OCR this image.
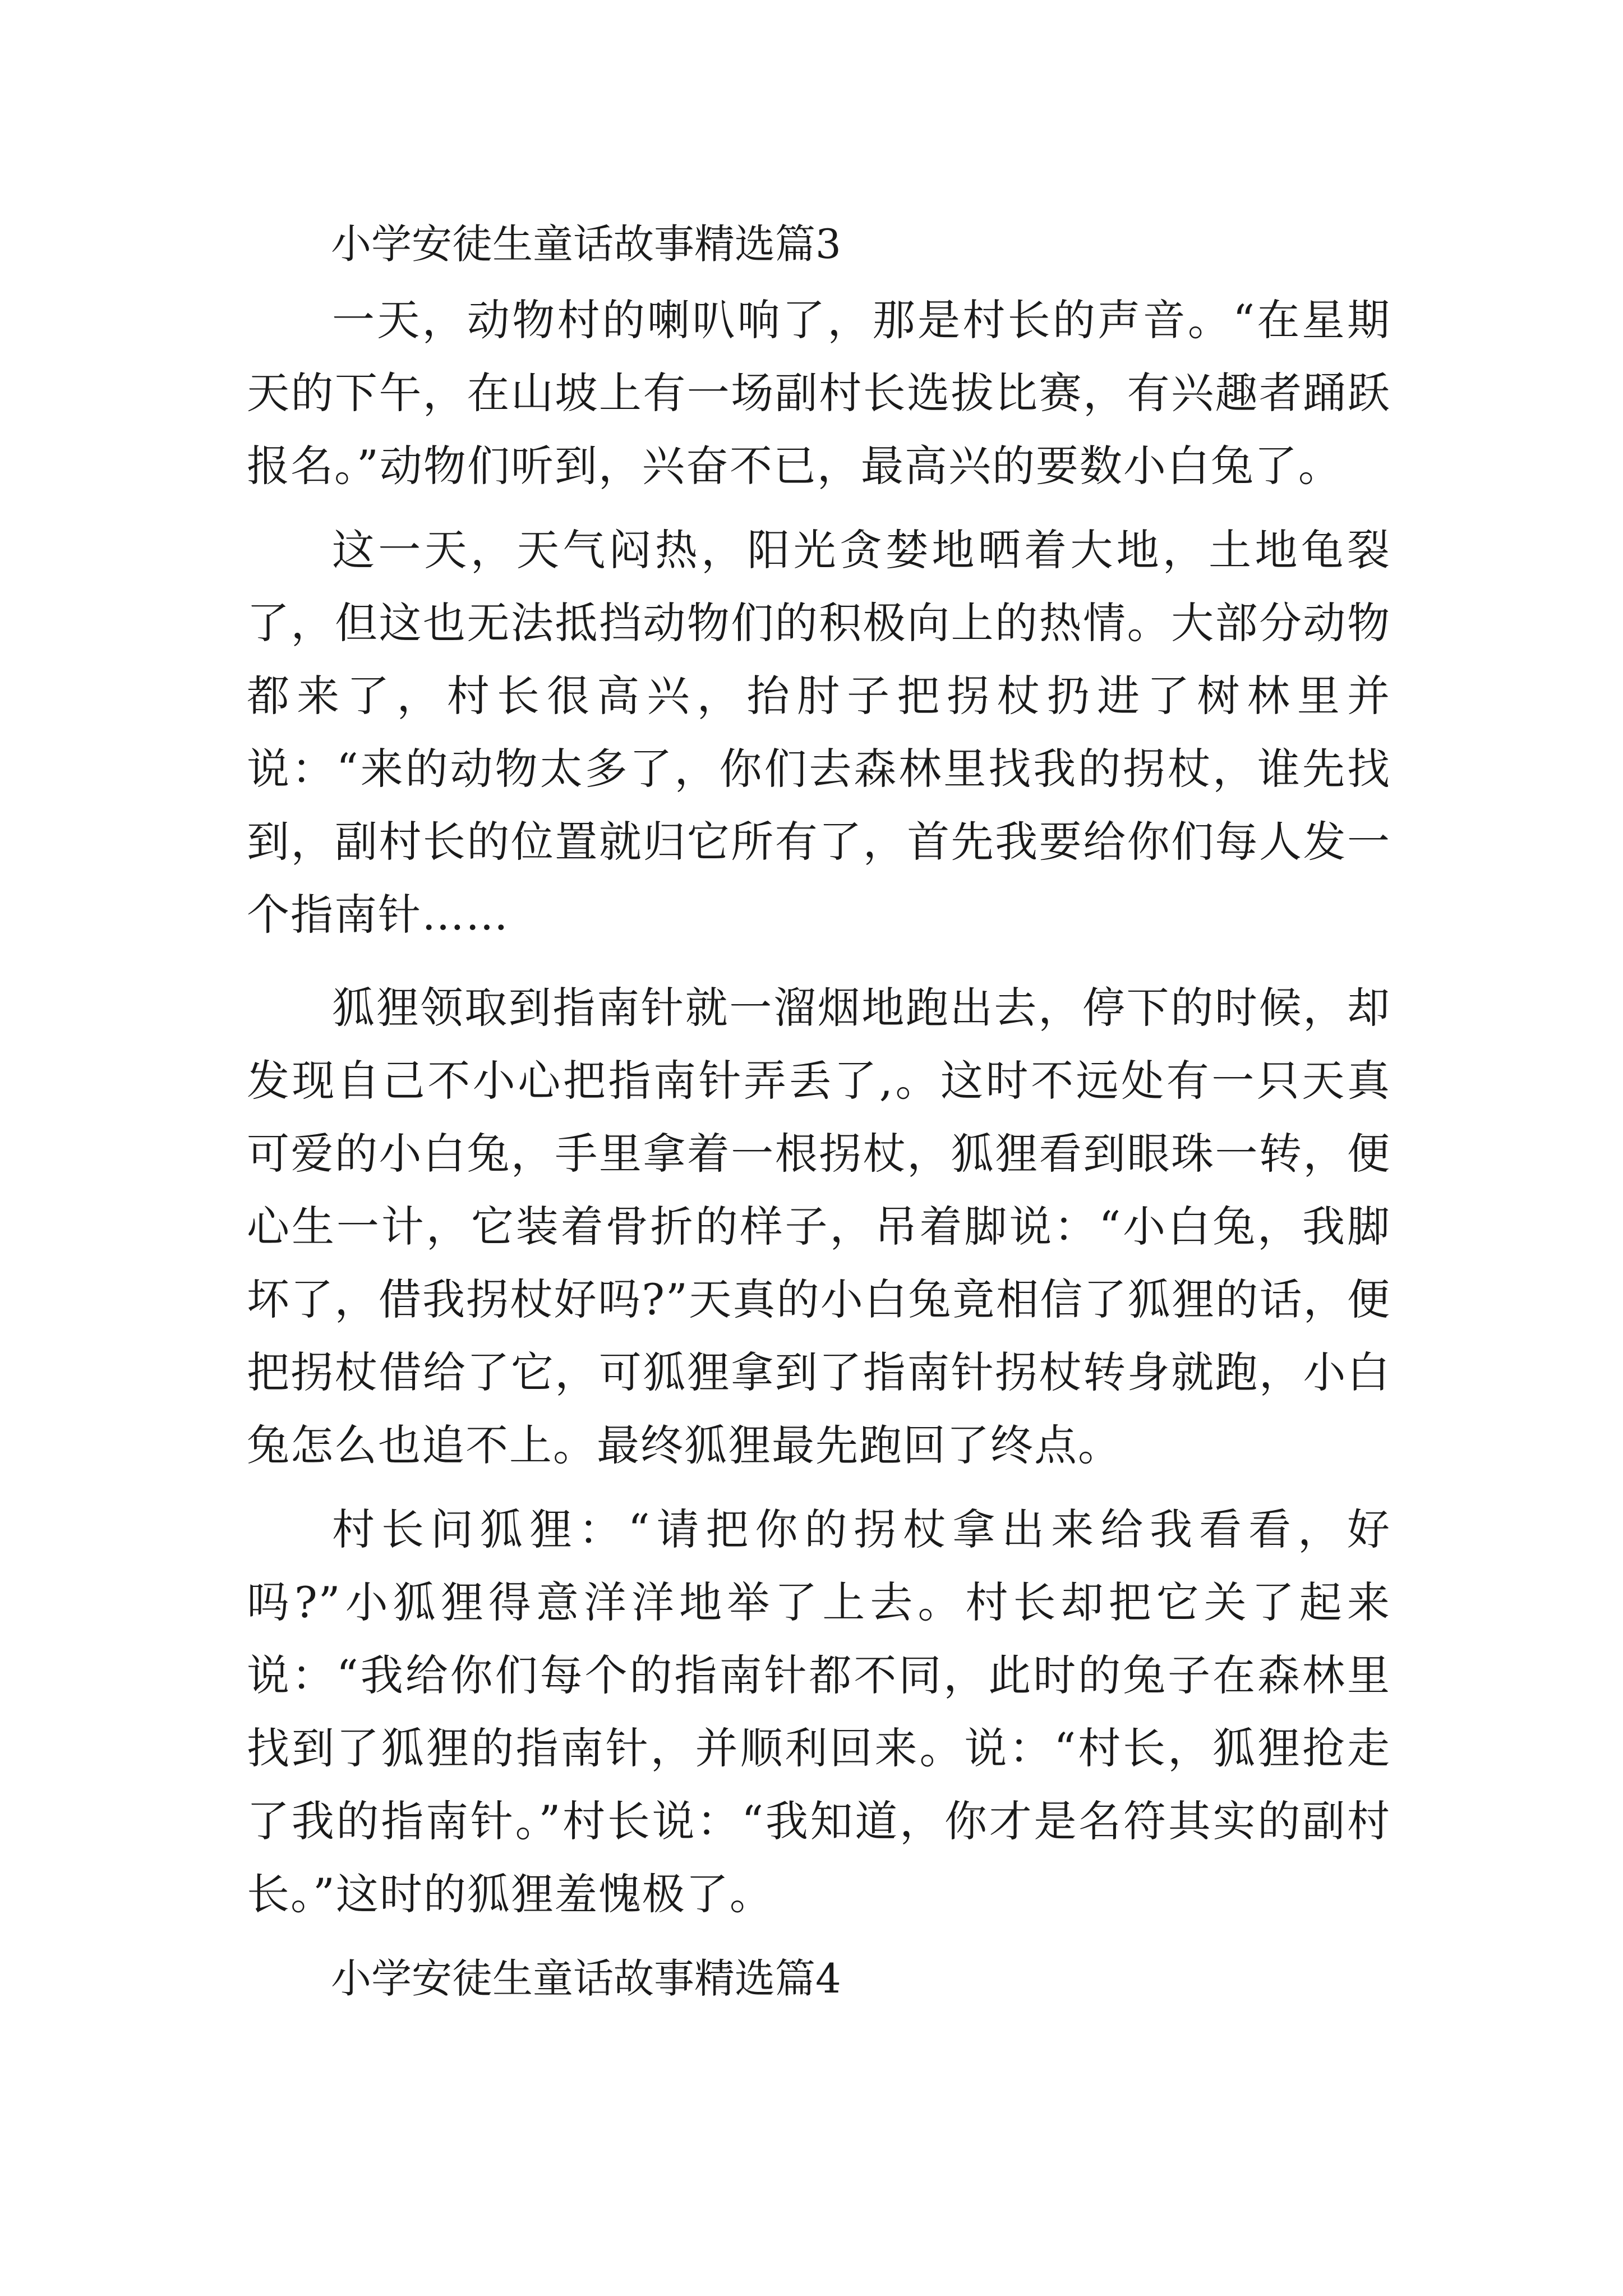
小学安徒生童话故事精选篇3

一天，动物村的喇叭响了，那是村长的声音。“在星期天的下午，在山坡上有一场副村长选拔比赛，有兴趣者踊跃报名。”动物们听到，兴奋不已，最高兴的要数小白兔了。

这一天，天气闷热，阳光贪婪地晒着大地，土地龟裂了，但这也无法抵挡动物们的积极向上的热情。大部分动物都来了，村长很高兴，抬肘子把拐杖扔进了树林里并说：“来的动物太多了，你们去森林里找我的拐杖，谁先找到，副村长的位置就归它所有了，首先我要给你们每人发一个指南针……

狐狸领取到指南针就一溜烟地跑出去，停下的时候，却发现自己不小心把指南针弄丢了,。这时不远处有一只天真可爱的小白兔，手里拿着一根拐杖，狐狸看到眼珠一转，便心生一计，它装着骨折的样子，吊着脚说：“小白兔，我脚坏了，借我拐杖好吗?”天真的小白兔竟相信了狐狸的话，便把拐杖借给了它，可狐狸拿到了指南针拐杖转身就跑，小白兔怎么也追不上。最终狐狸最先跑回了终点。

村长问狐狸：“请把你的拐杖拿出来给我看看，好吗?”小狐狸得意洋洋地举了上去。村长却把它关了起来说：“我给你们每个的指南针都不同，此时的兔子在森林里找到了狐狸的指南针，并顺利回来。说：“村长，狐狸抢走了我的指南针。”村长说：“我知道，你才是名符其实的副村长。”这时的狐狸羞愧极了。

小学安徒生童话故事精选篇4
